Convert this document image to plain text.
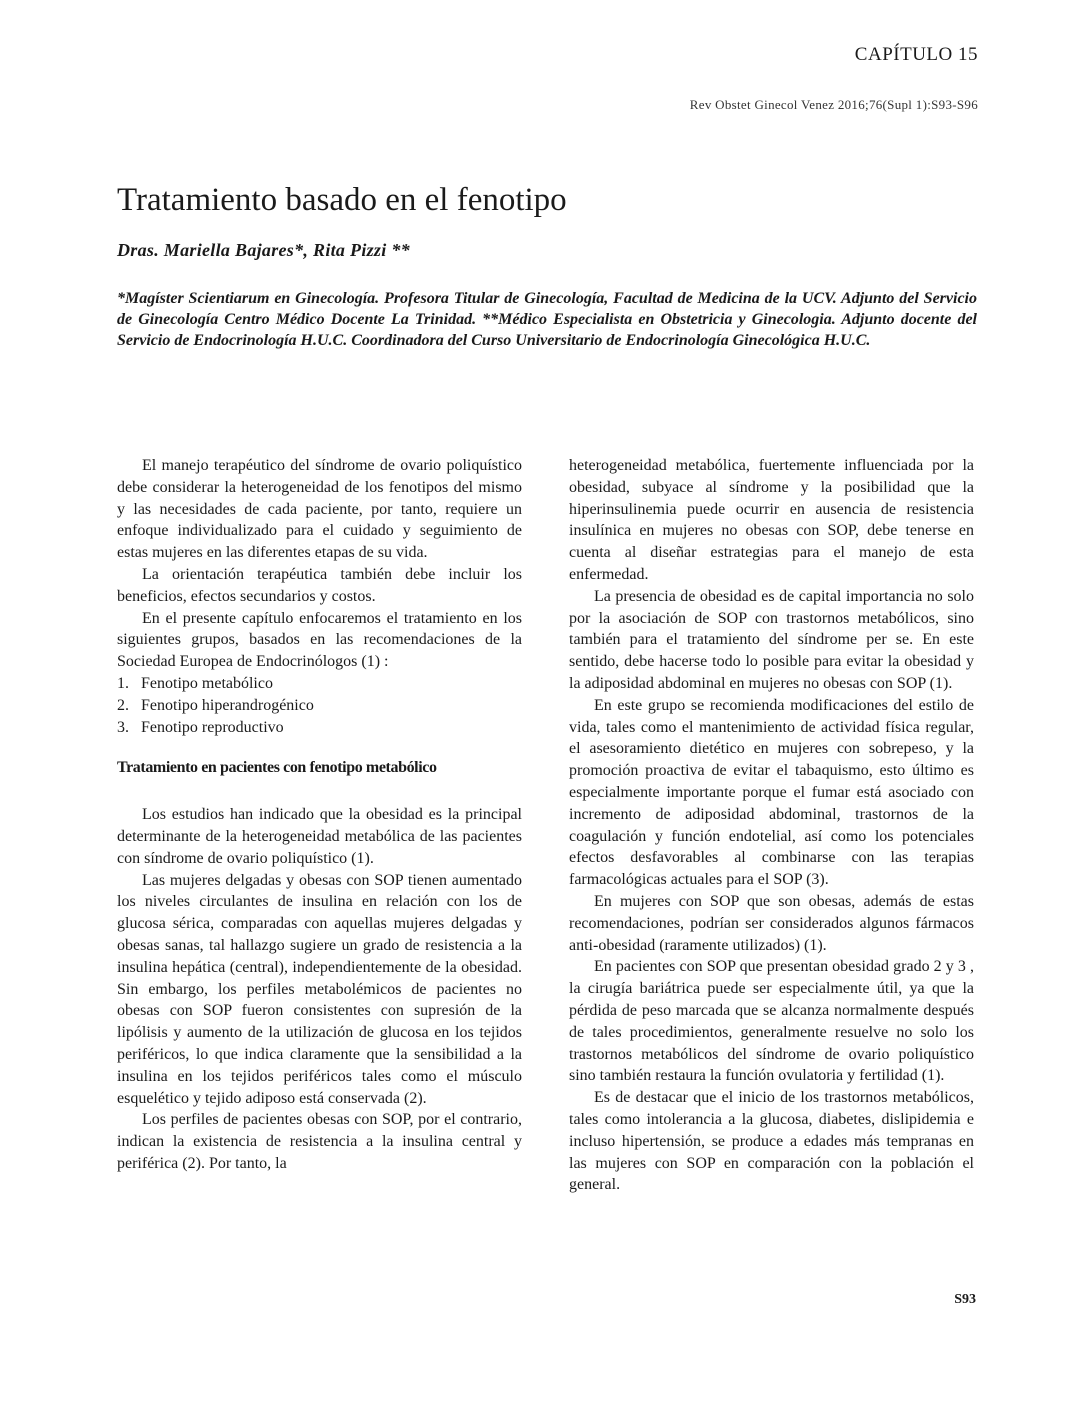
CAPÍTULO 15
Rev Obstet Ginecol Venez 2016;76(Supl 1):S93-S96
Tratamiento basado en el fenotipo
Dras. Mariella Bajares*, Rita Pizzi **
*Magíster Scientiarum en Ginecología. Profesora Titular de Ginecología, Facultad de Medicina de la UCV. Adjunto del Servicio de Ginecología Centro Médico Docente La Trinidad. **Médico Especialista en Obstetricia y Ginecologia. Adjunto docente del Servicio de Endocrinología H.U.C. Coordinadora del Curso Universitario de Endocrinología Ginecológica H.U.C.

El manejo terapéutico del síndrome de ovario poliquístico debe considerar la heterogeneidad de los fenotipos del mismo y las necesidades de cada paciente, por tanto, requiere un enfoque individualizado para el cuidado y seguimiento de estas mujeres en las diferentes etapas de su vida.

La orientación terapéutica también debe incluir los beneficios, efectos secundarios y costos.

En el presente capítulo enfocaremos el tratamiento en los siguientes grupos, basados en las recomendaciones de la Sociedad Europea de Endocrinólogos (1) :

1. Fenotipo metabólico
2. Fenotipo hiperandrogénico
3. Fenotipo reproductivo
Tratamiento en pacientes con fenotipo metabólico

Los estudios han indicado que la obesidad es la principal determinante de la heterogeneidad metabólica de las pacientes con síndrome de ovario poliquístico (1).

Las mujeres delgadas y obesas con SOP tienen aumentado los niveles circulantes de insulina en relación con los de glucosa sérica, comparadas con aquellas mujeres delgadas y obesas sanas, tal hallazgo sugiere un grado de resistencia a la insulina hepática (central), independientemente de la obesidad. Sin embargo, los perfiles metabolémicos de pacientes no obesas con SOP fueron consistentes con supresión de la lipólisis y aumento de la utilización de glucosa en los tejidos periféricos, lo que indica claramente que la sensibilidad a la insulina en los tejidos periféricos tales como el músculo esquelético y tejido adiposo está conservada (2).

Los perfiles de pacientes obesas con SOP, por el contrario, indican la existencia de resistencia a la insulina central y periférica (2). Por tanto, la

heterogeneidad metabólica, fuertemente influenciada por la obesidad, subyace al síndrome y la posibilidad que la hiperinsulinemia puede ocurrir en ausencia de resistencia insulínica en mujeres no obesas con SOP, debe tenerse en cuenta al diseñar estrategias para el manejo de esta enfermedad.

La presencia de obesidad es de capital importancia no solo por la asociación de SOP con trastornos metabólicos, sino también para el tratamiento del síndrome per se. En este sentido, debe hacerse todo lo posible para evitar la obesidad y la adiposidad abdominal en mujeres no obesas con SOP (1).

En este grupo se recomienda modificaciones del estilo de vida, tales como el mantenimiento de actividad física regular, el asesoramiento dietético en mujeres con sobrepeso, y la promoción proactiva de evitar el tabaquismo, esto último es especialmente importante porque el fumar está asociado con incremento de adiposidad abdominal, trastornos de la coagulación y función endotelial, así como los potenciales efectos desfavorables al combinarse con las terapias farmacológicas actuales para el SOP (3).

En mujeres con SOP que son obesas, además de estas recomendaciones, podrían ser considerados algunos fármacos anti-obesidad (raramente utilizados) (1).

En pacientes con SOP que presentan obesidad grado 2 y 3 , la cirugía bariátrica puede ser especialmente útil, ya que la pérdida de peso marcada que se alcanza normalmente después de tales procedimientos, generalmente resuelve no solo los trastornos metabólicos del síndrome de ovario poliquístico sino también restaura la función ovulatoria y fertilidad (1).

Es de destacar que el inicio de los trastornos metabólicos, tales como intolerancia a la glucosa, diabetes, dislipidemia e incluso hipertensión, se produce a edades más tempranas en las mujeres con SOP en comparación con la población el general.

S93
